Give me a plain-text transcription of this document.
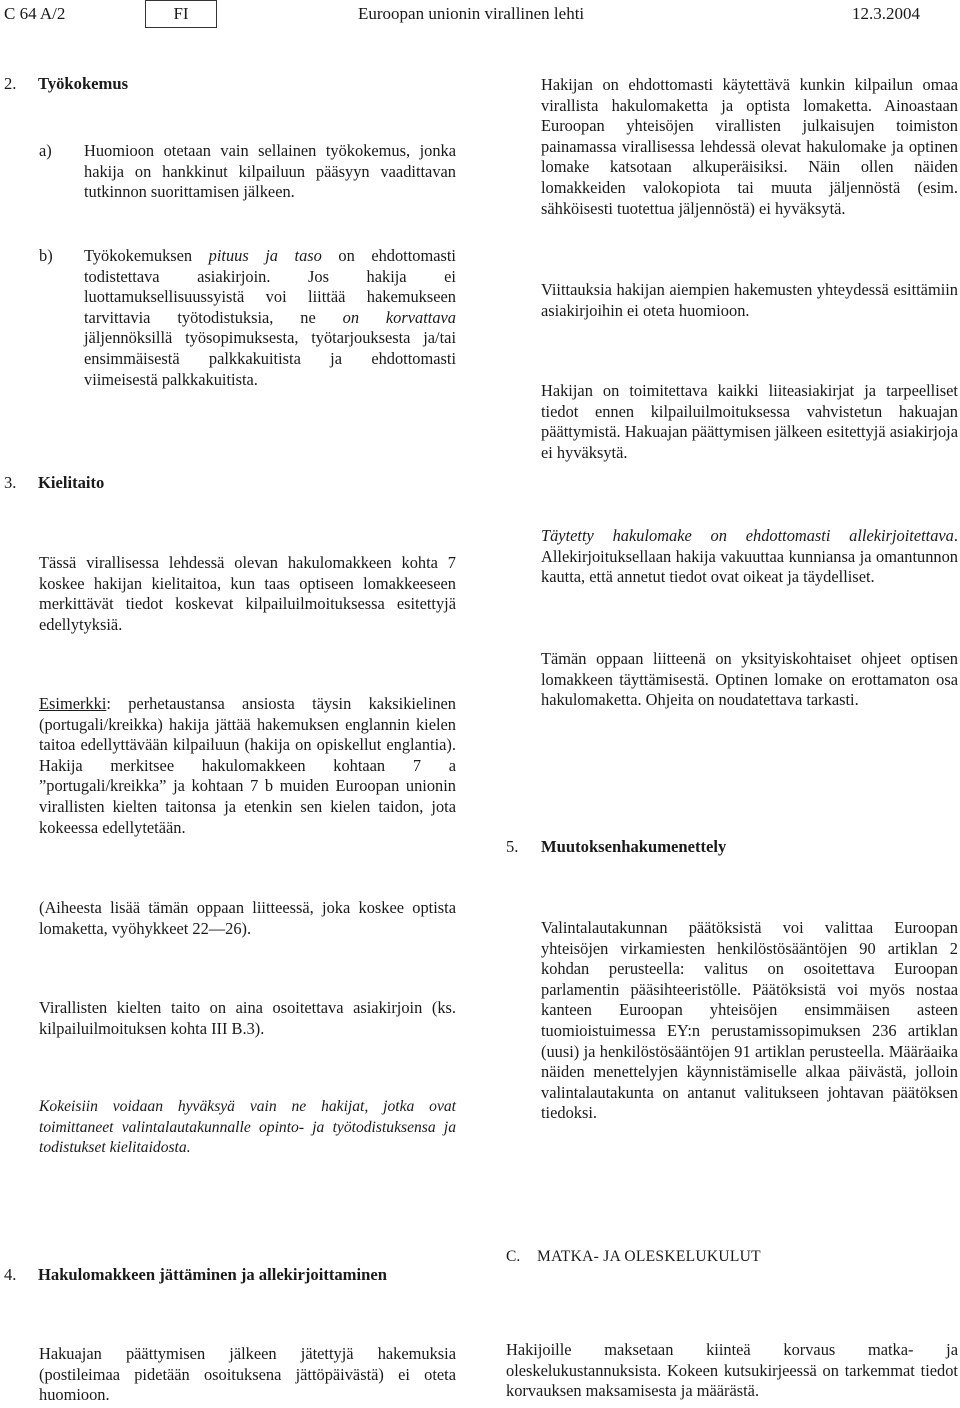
C 64 A/2	FI	Euroopan unionin virallinen lehti	12.3.2004
2. Työkokemus
a) Huomioon otetaan vain sellainen työkokemus, jonka hakija on hankkinut kilpailuun pääsyyn vaadittavan tutkinnon suorittamisen jälkeen.

b) Työkokemuksen pituus ja taso on ehdottomasti todistettava asiakirjoin. Jos hakija ei luottamuksellisuussyistä voi liittää hakemukseen tarvittavia työtodistuksia, ne on korvattava jäljennöksillä työsopimuksesta, työtarjouksesta ja/tai ensimmäisestä palkkakuitista ja ehdottomasti viimeisestä palkkakuitista.

3. Kielitaito

Tässä virallisessa lehdessä olevan hakulomakkeen kohta 7 koskee hakijan kielitaitoa, kun taas optiseen lomakkeeseen merkittävät tiedot koskevat kilpailuilmoituksessa esitettyjä edellytyksiä.

Esimerkki: perhetaustansa ansiosta täysin kaksikielinen (portugali/kreikka) hakija jättää hakemuksen englannin kielen taitoa edellyttävään kilpailuun (hakija on opiskellut englantia). Hakija merkitsee hakulomakkeen kohtaan 7 a ”portugali/kreikka” ja kohtaan 7 b muiden Euroopan unionin virallisten kielten taitonsa ja etenkin sen kielen taidon, jota kokeessa edellytetään.

(Aiheesta lisää tämän oppaan liitteessä, joka koskee optista lomaketta, vyöhykkeet 22—26).

Virallisten kielten taito on aina osoitettava asiakirjoin (ks. kilpailuilmoituksen kohta III B.3).

Kokeisiin voidaan hyväksyä vain ne hakijat, jotka ovat toimittaneet valintalautakunnalle opinto- ja työtodistuksensa ja todistukset kielitaidosta.

4. Hakulomakkeen jättäminen ja allekirjoittaminen

Hakuajan päättymisen jälkeen jätettyjä hakemuksia (postileimaa pidetään osoituksena jättöpäivästä) ei oteta huomioon.

Hakijan on ehdottomasti käytettävä kunkin kilpailun omaa virallista hakulomaketta ja optista lomaketta. Ainoastaan Euroopan yhteisöjen virallisten julkaisujen toimiston painamassa virallisessa lehdessä olevat hakulomake ja optinen lomake katsotaan alkuperäisiksi. Näin ollen näiden lomakkeiden valokopiota tai muuta jäljennöstä (esim. sähköisesti tuotettua jäljennöstä) ei hyväksytä.

Viittauksia hakijan aiempien hakemusten yhteydessä esittämiin asiakirjoihin ei oteta huomioon.

Hakijan on toimitettava kaikki liiteasiakirjat ja tarpeelliset tiedot ennen kilpailuilmoituksessa vahvistetun hakuajan päättymistä. Hakuajan päättymisen jälkeen esitettyjä asiakirjoja ei hyväksytä.

Täytetty hakulomake on ehdottomasti allekirjoitettava. Allekirjoituksellaan hakija vakuuttaa kunniansa ja omantunnon kautta, että annetut tiedot ovat oikeat ja täydelliset.

Tämän oppaan liitteenä on yksityiskohtaiset ohjeet optisen lomakkeen täyttämisestä. Optinen lomake on erottamaton osa hakulomaketta. Ohjeita on noudatettava tarkasti.

5. Muutoksenhakumenettely

Valintalautakunnan päätöksistä voi valittaa Euroopan yhteisöjen virkamiesten henkilöstösääntöjen 90 artiklan 2 kohdan perusteella: valitus on osoitettava Euroopan parlamentin pääsihteeristölle. Päätöksistä voi myös nostaa kanteen Euroopan yhteisöjen ensimmäisen asteen tuomioistuimessa EY:n perustamissopimuksen 236 artiklan (uusi) ja henkilöstösääntöjen 91 artiklan perusteella. Määräaika näiden menettelyjen käynnistämiselle alkaa päivästä, jolloin valintalautakunta on antanut valitukseen johtavan päätöksen tiedoksi.

C. MATKA- JA OLESKELUKULUT

Hakijoille maksetaan kiinteä korvaus matka- ja oleskelukustannuksista. Kokeen kutsukirjeessä on tarkemmat tiedot korvauksen maksamisesta ja määrästä.
